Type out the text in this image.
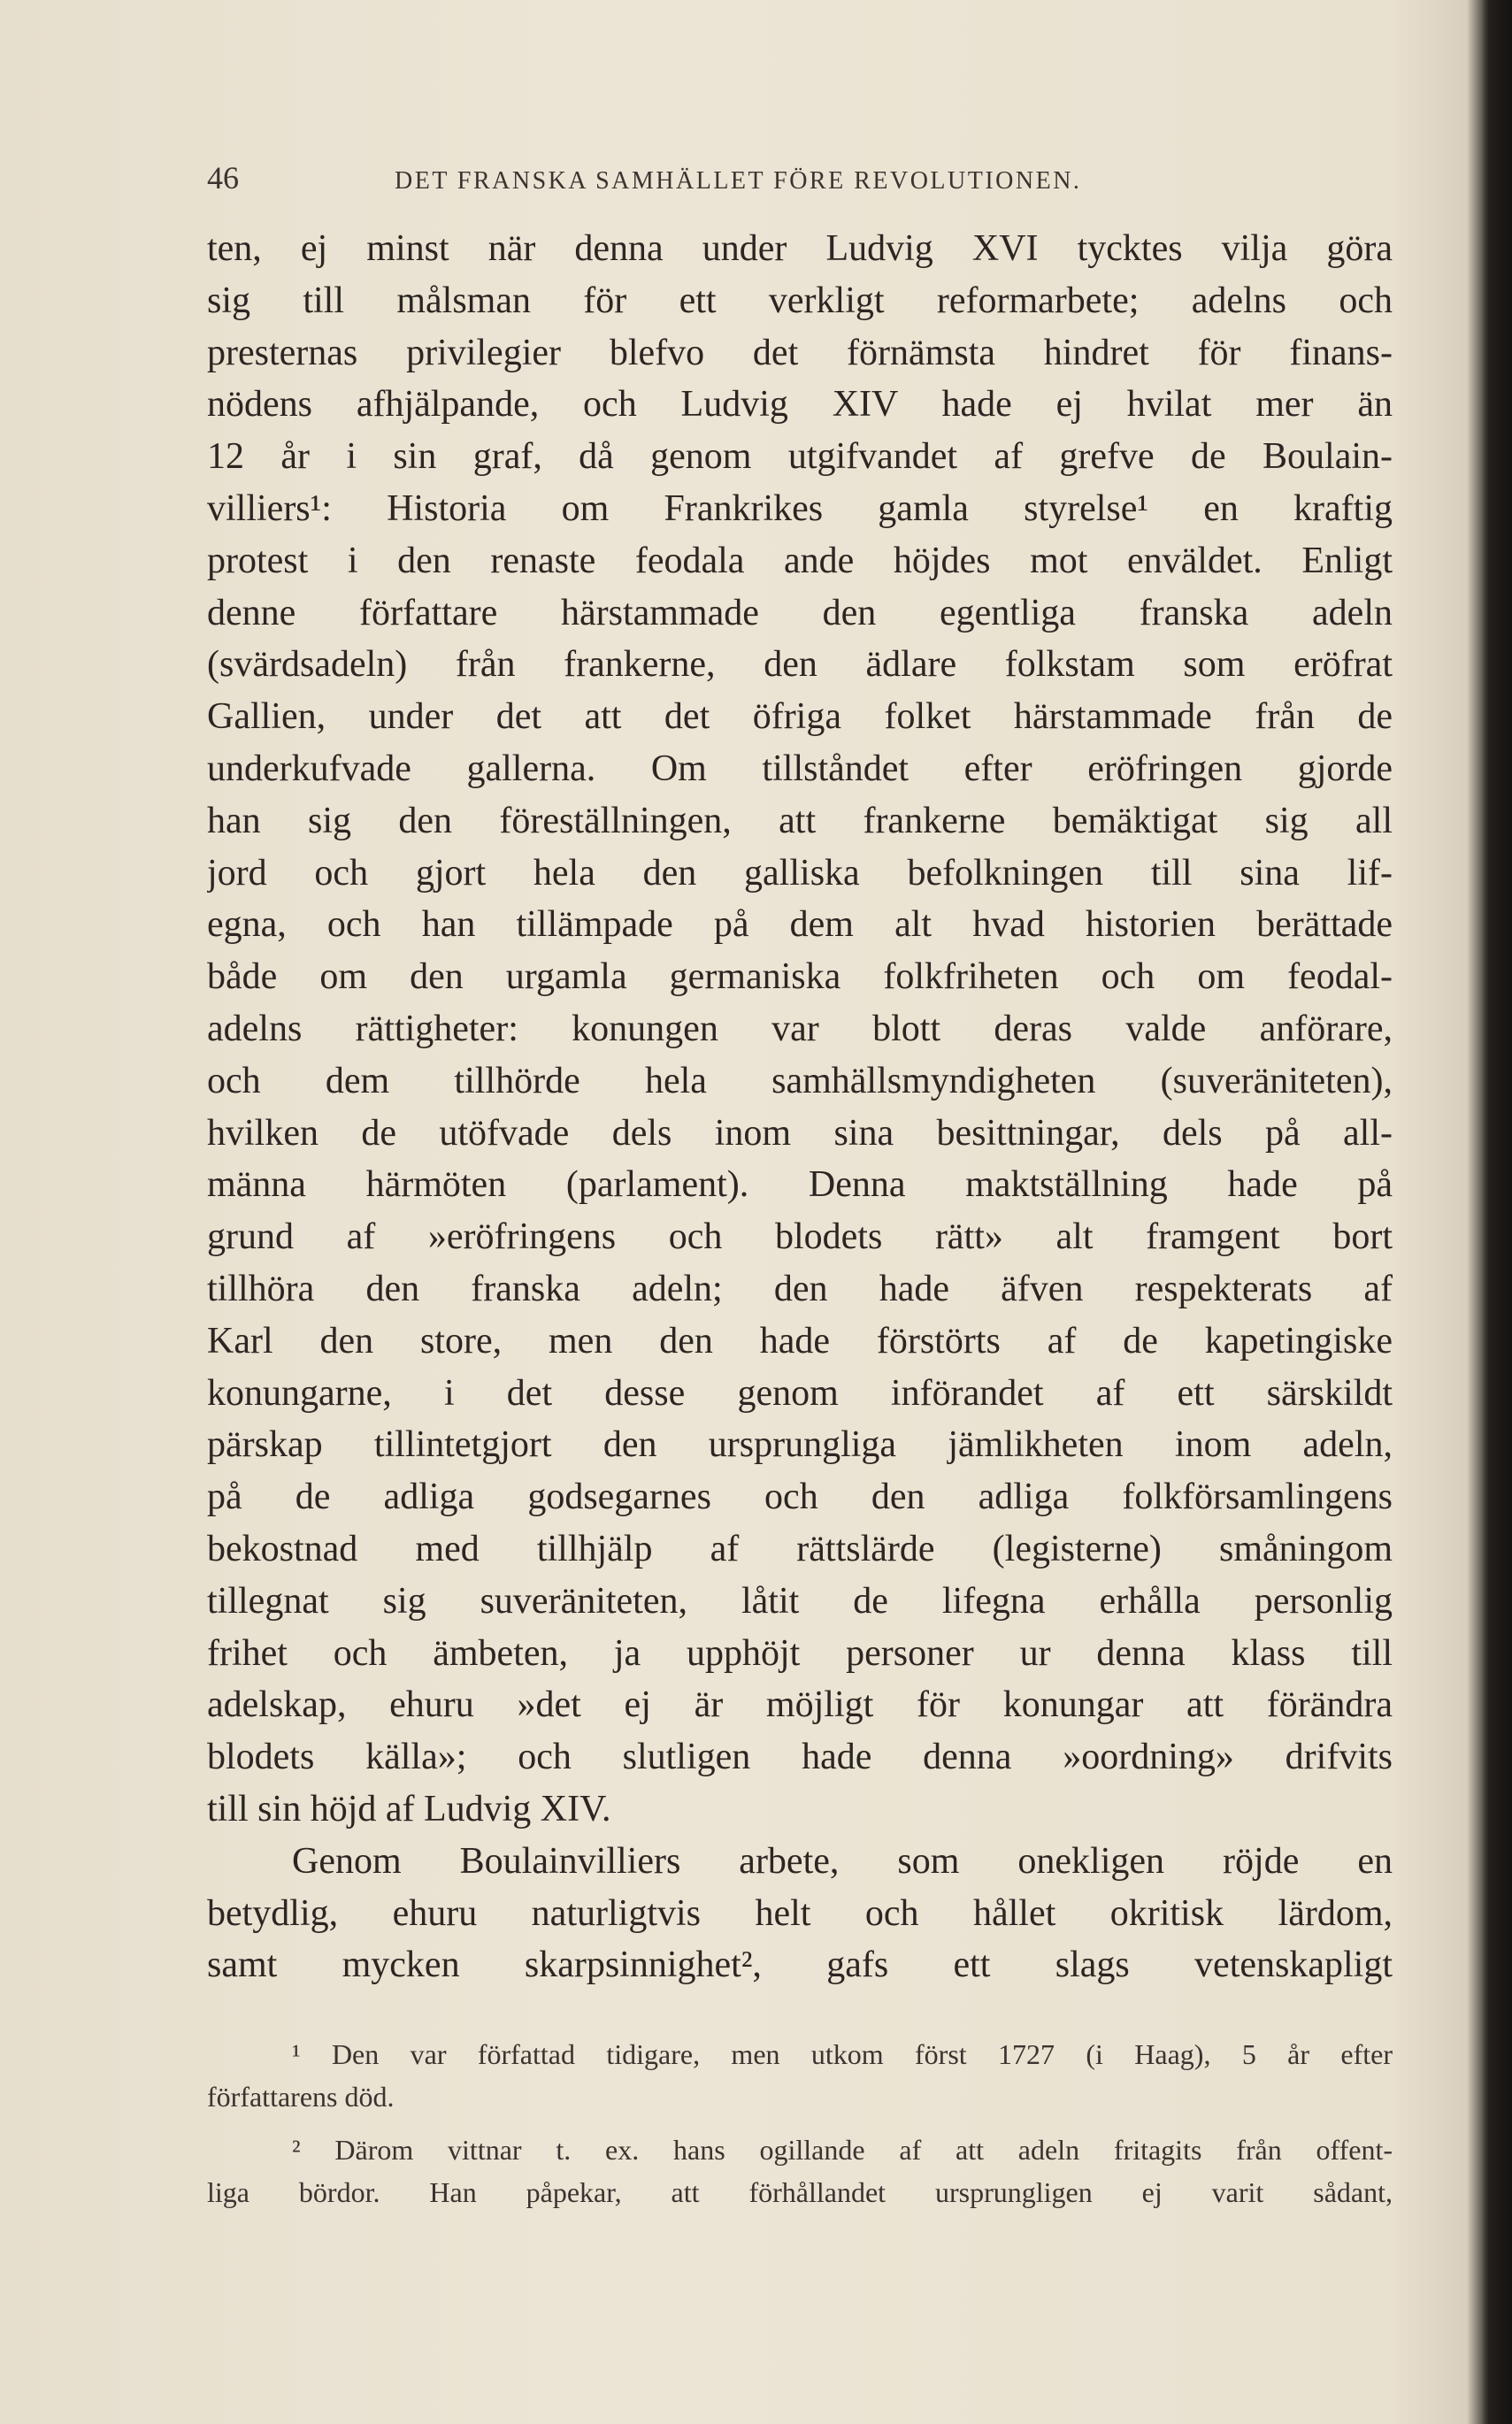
46	DET FRANSKA SAMHÄLLET FÖRE REVOLUTIONEN.
ten, ej minst när denna under Ludvig XVI tycktes vilja göra
sig till målsman för ett verkligt reformarbete; adelns och
presternas privilegier blefvo det förnämsta hindret för finans-
nödens afhjälpande, och Ludvig XIV hade ej hvilat mer än
12 år i sin graf, då genom utgifvandet af grefve de Boulain-
villiers¹: Historia om Frankrikes gamla styrelse¹ en kraftig
protest i den renaste feodala ande höjdes mot enväldet. Enligt
denne författare härstammade den egentliga franska adeln
(svärdsadeln) från frankerne, den ädlare folkstam som eröfrat
Gallien, under det att det öfriga folket härstammade från de
underkufvade gallerna. Om tillståndet efter eröfringen gjorde
han sig den föreställningen, att frankerne bemäktigat sig all
jord och gjort hela den galliska befolkningen till sina lif-
egna, och han tillämpade på dem alt hvad historien berättade
både om den urgamla germaniska folkfriheten och om feodal-
adelns rättigheter: konungen var blott deras valde anförare,
och dem tillhörde hela samhällsmyndigheten (suveräniteten),
hvilken de utöfvade dels inom sina besittningar, dels på all-
männa härmöten (parlament). Denna maktställning hade på
grund af »eröfringens och blodets rätt» alt framgent bort
tillhöra den franska adeln; den hade äfven respekterats af
Karl den store, men den hade förstörts af de kapetingiske
konungarne, i det desse genom införandet af ett särskildt
pärskap tillintetgjort den ursprungliga jämlikheten inom adeln,
på de adliga godsegarnes och den adliga folkförsamlingens
bekostnad med tillhjälp af rättslärde (legisterne) småningom
tillegnat sig suveräniteten, låtit de lifegna erhålla personlig
frihet och ämbeten, ja upphöjt personer ur denna klass till
adelskap, ehuru »det ej är möjligt för konungar att förändra
blodets källa»; och slutligen hade denna »oordning» drifvits
till sin höjd af Ludvig XIV.
Genom Boulainvilliers arbete, som onekligen röjde en
betydlig, ehuru naturligtvis helt och hållet okritisk lärdom,
samt mycken skarpsinnighet², gafs ett slags vetenskapligt
¹ Den var författad tidigare, men utkom först 1727 (i Haag), 5 år efter
författarens död.
² Därom vittnar t. ex. hans ogillande af att adeln fritagits från offent-
liga bördor. Han påpekar, att förhållandet ursprungligen ej varit sådant,
